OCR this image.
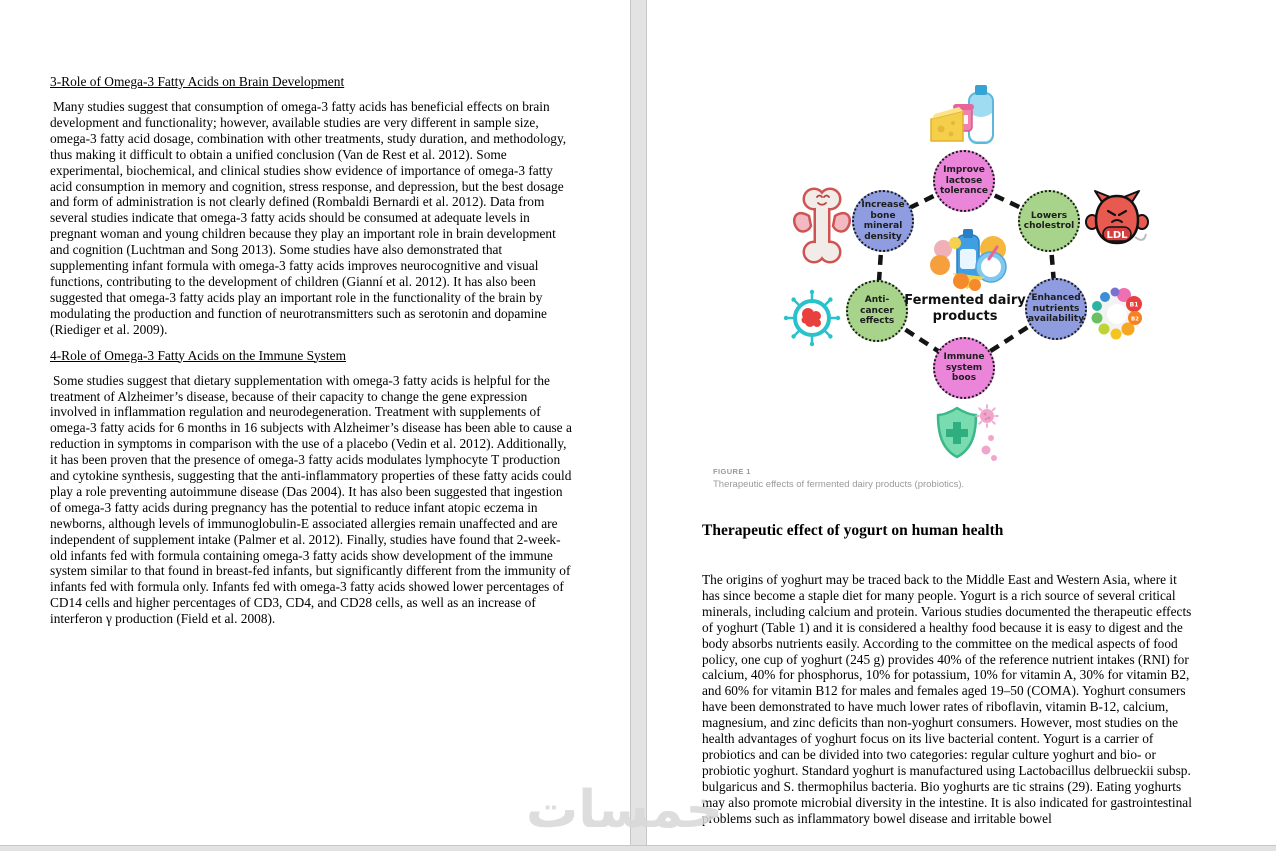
3-Role of Omega-3 Fatty Acids on Brain Development

Many studies suggest that consumption of omega-3 fatty acids has beneficial effects on brain development and functionality; however, available studies are very different in sample size, omega-3 fatty acid dosage, combination with other treatments, study duration, and methodology, thus making it difficult to obtain a unified conclusion (Van de Rest et al. 2012). Some experimental, biochemical, and clinical studies show evidence of importance of omega-3 fatty acid consumption in memory and cognition, stress response, and depression, but the best dosage and form of administration is not clearly defined (Rombaldi Bernardi et al. 2012). Data from several studies indicate that omega-3 fatty acids should be consumed at adequate levels in pregnant woman and young children because they play an important role in brain development and cognition (Luchtman and Song 2013). Some studies have also demonstrated that supplementing infant formula with omega-3 fatty acids improves neurocognitive and visual functions, contributing to the development of children (Gianní et al. 2012). It has also been suggested that omega-3 fatty acids play an important role in the functionality of the brain by modulating the production and function of neurotransmitters such as serotonin and dopamine (Riediger et al. 2009).

4-Role of Omega-3 Fatty Acids on the Immune System

Some studies suggest that dietary supplementation with omega-3 fatty acids is helpful for the treatment of Alzheimer’s disease, because of their capacity to change the gene expression involved in inflammation regulation and neurodegeneration. Treatment with supplements of omega-3 fatty acids for 6 months in 16 subjects with Alzheimer’s disease has been able to cause a reduction in symptoms in comparison with the use of a placebo (Vedin et al. 2012). Additionally, it has been proven that the presence of omega-3 fatty acids modulates lymphocyte T production and cytokine synthesis, suggesting that the anti-inflammatory properties of these fatty acids could play a role preventing autoimmune disease (Das 2004). It has also been suggested that ingestion of omega-3 fatty acids during pregnancy has the potential to reduce infant atopic eczema in newborns, although levels of immunoglobulin-E associated allergies remain unaffected and are independent of supplement intake (Palmer et al. 2012). Finally, studies have found that 2-week-old infants fed with formula containing omega-3 fatty acids show development of the immune system similar to that found in breast-fed infants, but significantly different from the immunity of infants fed with formula only. Infants fed with omega-3 fatty acids showed lower percentages of CD14 cells and higher percentages of CD3, CD4, and CD28 cells, as well as an increase of interferon γ production (Field et al. 2008).

LDL
B1
B2
Improve lactose tolerance
Increase bone mineral density
Lowers cholestrol
Anti-cancer effects
Enhanced nutrients availability
Immune system boos
Fermented dairy products
FIGURE 1
Therapeutic effects of fermented dairy products (probiotics).
Therapeutic effect of yogurt on human health

The origins of yoghurt may be traced back to the Middle East and Western Asia, where it has since become a staple diet for many people. Yogurt is a rich source of several critical minerals, including calcium and protein. Various studies documented the therapeutic effects of yoghurt (Table 1) and it is considered a healthy food because it is easy to digest and the body absorbs nutrients easily. According to the committee on the medical aspects of food policy, one cup of yoghurt (245 g) provides 40% of the reference nutrient intakes (RNI) for calcium, 40% for phosphorus, 10% for potassium, 10% for vitamin A, 30% for vitamin B2, and 60% for vitamin B12 for males and females aged 19–50 (COMA). Yoghurt consumers have been demonstrated to have much lower rates of riboflavin, vitamin B-12, calcium, magnesium, and zinc deficits than non-yoghurt consumers. However, most studies on the health advantages of yoghurt focus on its live bacterial content. Yogurt is a carrier of probiotics and can be divided into two categories: regular culture yoghurt and bio- or probiotic yoghurt. Standard yoghurt is manufactured using Lactobacillus delbrueckii subsp. bulgaricus and S. thermophilus bacteria. Bio yoghurts are tic strains (29). Eating yoghurts may also promote microbial diversity in the intestine. It is also indicated for gastrointestinal problems such as inflammatory bowel disease and irritable bowel

خمسات
